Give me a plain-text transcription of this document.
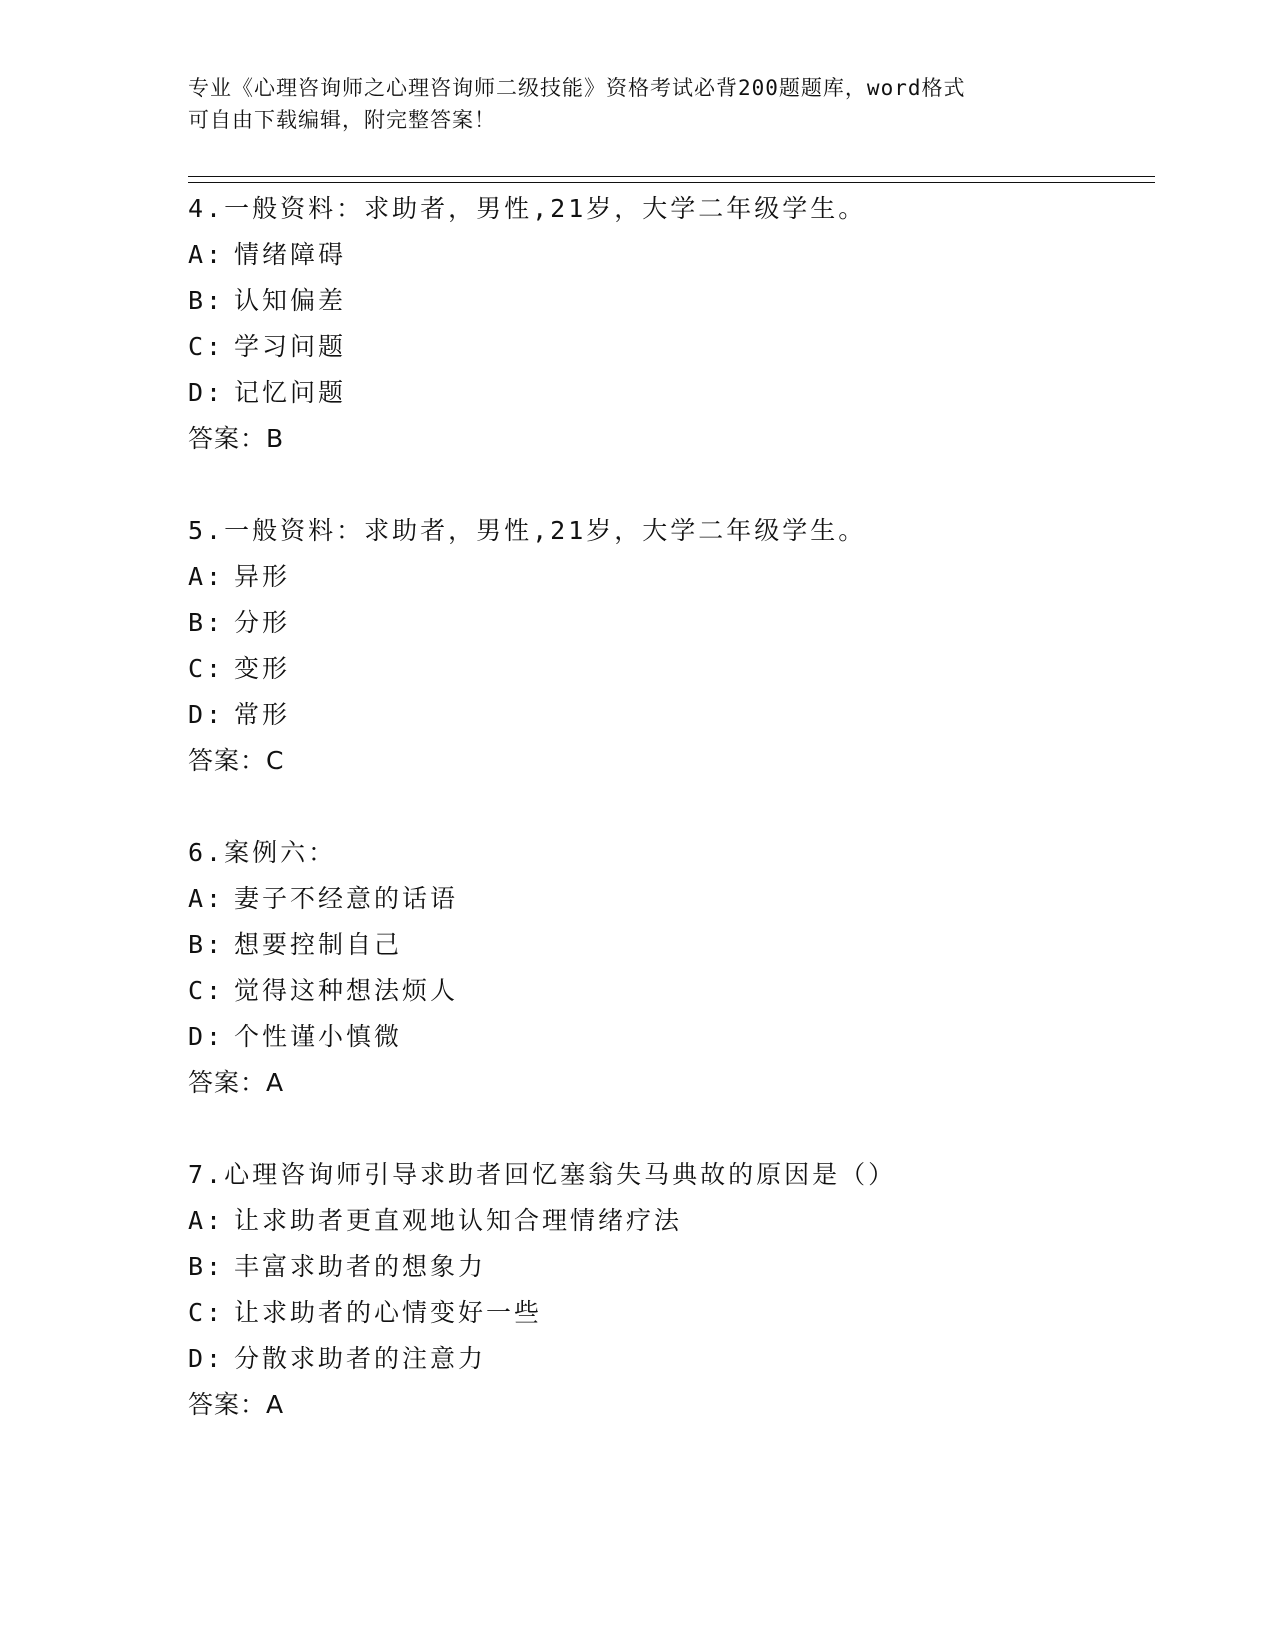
专业《心理咨询师之心理咨询师二级技能》资格考试必背200题题库，word格式
可自由下载编辑，附完整答案！
4.一般资料：求助者，男性,21岁，大学二年级学生。
A: 情绪障碍
B: 认知偏差
C: 学习问题
D: 记忆问题
答案：B
5.一般资料：求助者，男性,21岁，大学二年级学生。
A: 异形
B: 分形
C: 变形
D: 常形
答案：C
6.案例六：
A: 妻子不经意的话语
B: 想要控制自己
C: 觉得这种想法烦人
D: 个性谨小慎微
答案：A
7.心理咨询师引导求助者回忆塞翁失马典故的原因是（）
A: 让求助者更直观地认知合理情绪疗法
B: 丰富求助者的想象力
C: 让求助者的心情变好一些
D: 分散求助者的注意力
答案：A
